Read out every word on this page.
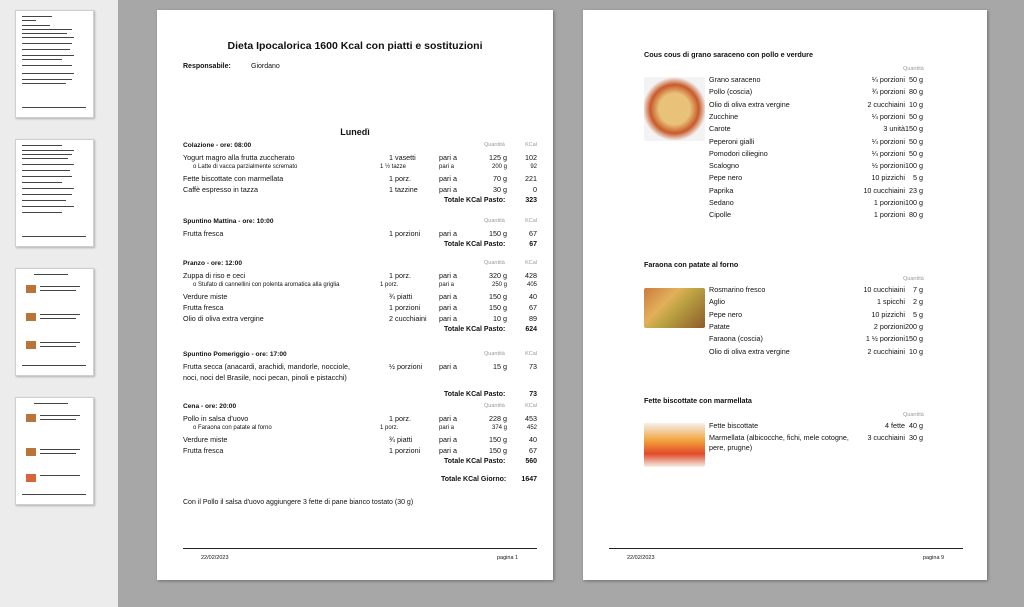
Dieta Ipocalorica 1600 Kcal con piatti e sostituzioni
Responsabile:	Giordano
Lunedì
Colazione - ore: 08:00	Quantità	KCal
Yogurt magro alla frutta zuccherato	1 vasetti	pari a	125 g	102
o Latte di vacca parzialmente scremato	1 ½ tazze	pari a	200 g	92
Fette biscottate con marmellata	1 porz.	pari a	70 g	221
Caffè espresso in tazza	1 tazzine	pari a	30 g	0
Totale KCal Pasto:	323
Spuntino Mattina - ore: 10:00	Quantità	KCal
Frutta fresca	1 porzioni	pari a	150 g	67
Totale KCal Pasto:	67
Pranzo - ore: 12:00	Quantità	KCal
Zuppa di riso e ceci	1 porz.	pari a	320 g	428
o Stufato di cannellini con polenta aromatica alla griglia	1 porz.	pari a	250 g	405
Verdure miste	¾ piatti	pari a	150 g	40
Frutta fresca	1 porzioni	pari a	150 g	67
Olio di oliva extra vergine	2 cucchiaini pari a	10 g	89
Totale KCal Pasto:	624
Spuntino Pomeriggio - ore: 17:00	Quantità	KCal
Frutta secca (anacardi, arachidi, mandorle, nocciole,	½ porzioni pari a	15 g	73
noci, noci del Brasile, noci pecan, pinoli e pistacchi)
Totale KCal Pasto:	73
Cena - ore: 20:00	Quantità	KCal
Pollo in salsa d'uovo	1 porz.	pari a	228 g	453
o Faraona con patate al forno	1 porz.	pari a	374 g	452
Verdure miste	¾ piatti	pari a	150 g	40
Frutta fresca	1 porzioni	pari a	150 g	67
Totale KCal Pasto:	560
Totale KCal Giorno:	1647
Con il Pollo il salsa d'uovo aggiungere 3 fette di pane bianco tostato (30 g)
22/02/2023	pagina 1
Cous cous di grano saraceno con pollo e verdure
Quantità
Grano saraceno	¼ porzioni 50 g
Pollo (coscia)	¾ porzioni 80 g
Olio di oliva extra vergine	2 cucchiaini 10 g
Zucchine	¼ porzioni 50 g
Carote	3 unità 150 g
Peperoni gialli	¼ porzioni 50 g
Pomodori ciliegino	¼ porzioni 50 g
Scalogno	½ porzioni 100 g
Pepe nero	10 pizzichi	5 g
Paprika	10 cucchiaini 23 g
Sedano	1 porzioni 100 g
Cipolle	1 porzioni 80 g
Faraona con patate al forno
Quantità
Rosmarino fresco	10 cucchiaini	7 g
Aglio	1 spicchi	2 g
Pepe nero	10 pizzichi	5 g
Patate	2 porzioni 200 g
Faraona (coscia)	1 ½ porzioni 150 g
Olio di oliva extra vergine	2 cucchiaini 10 g
Fette biscottate con marmellata
Quantità
Fette biscottate	4 fette 40 g
Marmellata (albicocche, fichi, mele cotogne,	3 cucchiaini 30 g
pere, prugne)
22/02/2023	pagina 9
